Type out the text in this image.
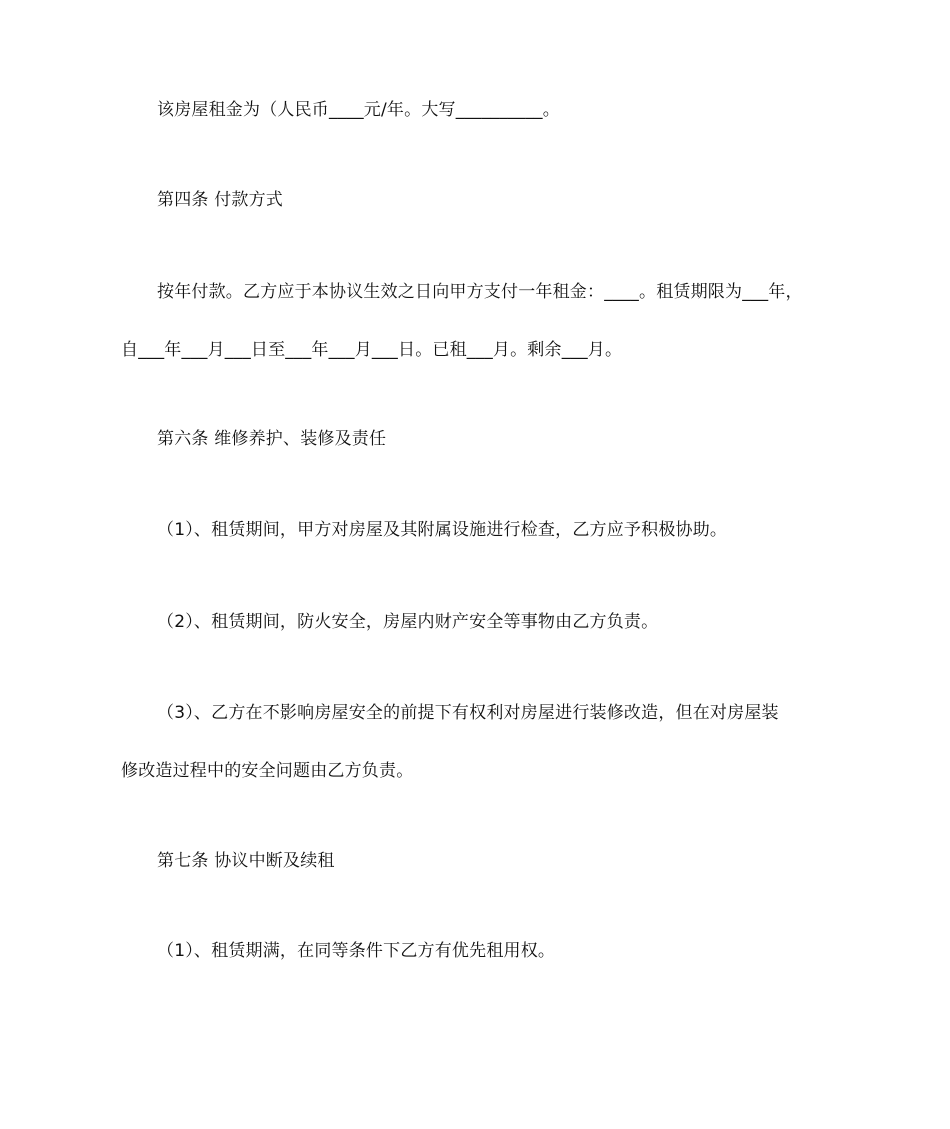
该房屋租金为（人民币____元/年。大写__________。
第四条 付款方式
按年付款。乙方应于本协议生效之日向甲方支付一年租金：____。租赁期限为___年，
自___年___月___日至___年___月___日。已租___月。剩余___月。
第六条 维修养护、装修及责任
（1）、租赁期间，甲方对房屋及其附属设施进行检查，乙方应予积极协助。
（2）、租赁期间，防火安全，房屋内财产安全等事物由乙方负责。
（3）、乙方在不影响房屋安全的前提下有权利对房屋进行装修改造，但在对房屋装
修改造过程中的安全问题由乙方负责。
第七条 协议中断及续租
（1）、租赁期满，在同等条件下乙方有优先租用权。
